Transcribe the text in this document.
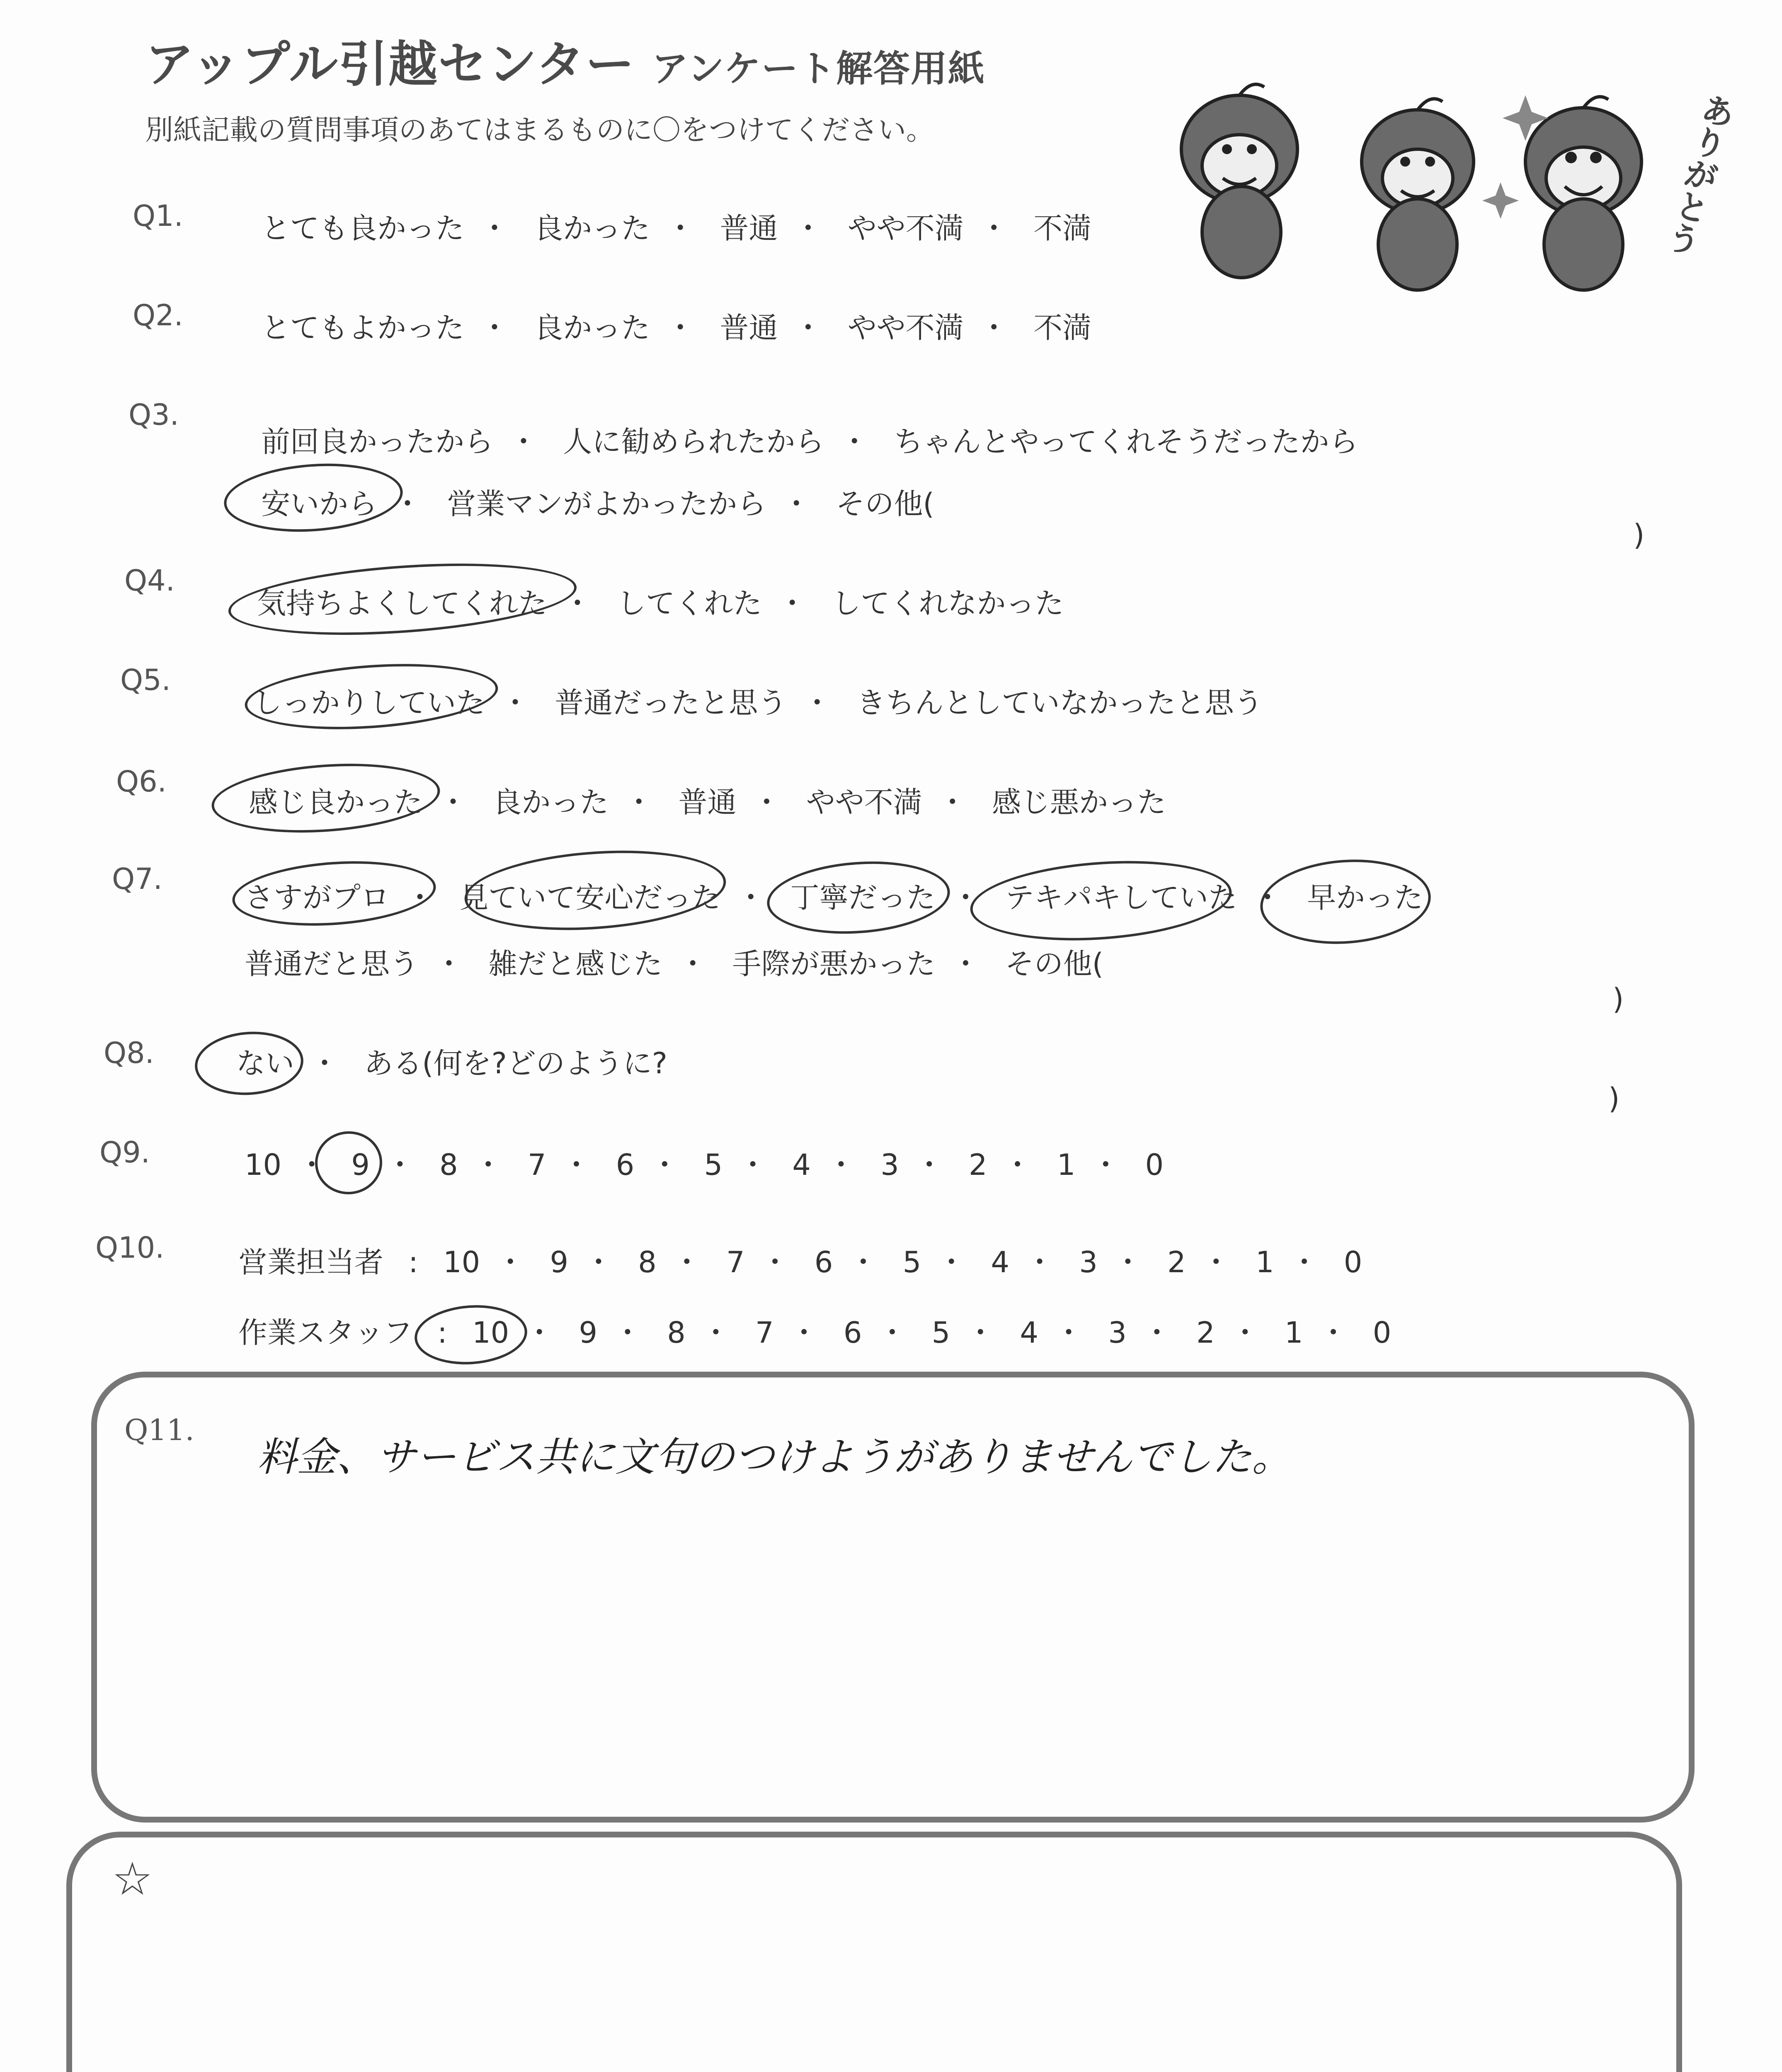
アップル引越センター アンケート解答用紙
別紙記載の質問事項のあてはまるものに〇をつけてください。	ありがとう
Q1.	とても良かった ・ 良かった ・ 普通 ・ やや不満 ・ 不満
Q2.	とてもよかった ・ 良かった ・ 普通 ・ やや不満 ・ 不満
Q3.
前回良かったから ・ 人に勧められたから ・ ちゃんとやってくれそうだったから
安いから ・ 営業マンがよかったから ・ その他(
)
Q4.
気持ちよくしてくれた ・ してくれた ・ してくれなかった
Q5.
しっかりしていた ・ 普通だったと思う ・ きちんとしていなかったと思う
Q6.
感じ良かった ・ 良かった ・ 普通 ・ やや不満 ・ 感じ悪かった
Q7.
さすがプロ ・ 見ていて安心だった ・ 丁寧だった ・ テキパキしていた ・ 早かった
普通だと思う ・ 雑だと感じた ・ 手際が悪かった ・ その他(
)
Q8.	ない ・ ある(何を?どのように?
)
Q9.	10 ・ 9 ・ 8 ・ 7 ・ 6 ・ 5 ・ 4 ・ 3 ・ 2 ・ 1 ・ 0
Q10.	営業担当者 : 10 ・ 9 ・ 8 ・ 7 ・ 6 ・ 5 ・ 4 ・ 3 ・ 2 ・ 1 ・ 0
作業スタッフ : 10 ・ 9 ・ 8 ・ 7 ・ 6 ・ 5 ・ 4 ・ 3 ・ 2 ・ 1 ・ 0
Q11.
料金、サービス共に文句のつけようがありませんでした。
☆
